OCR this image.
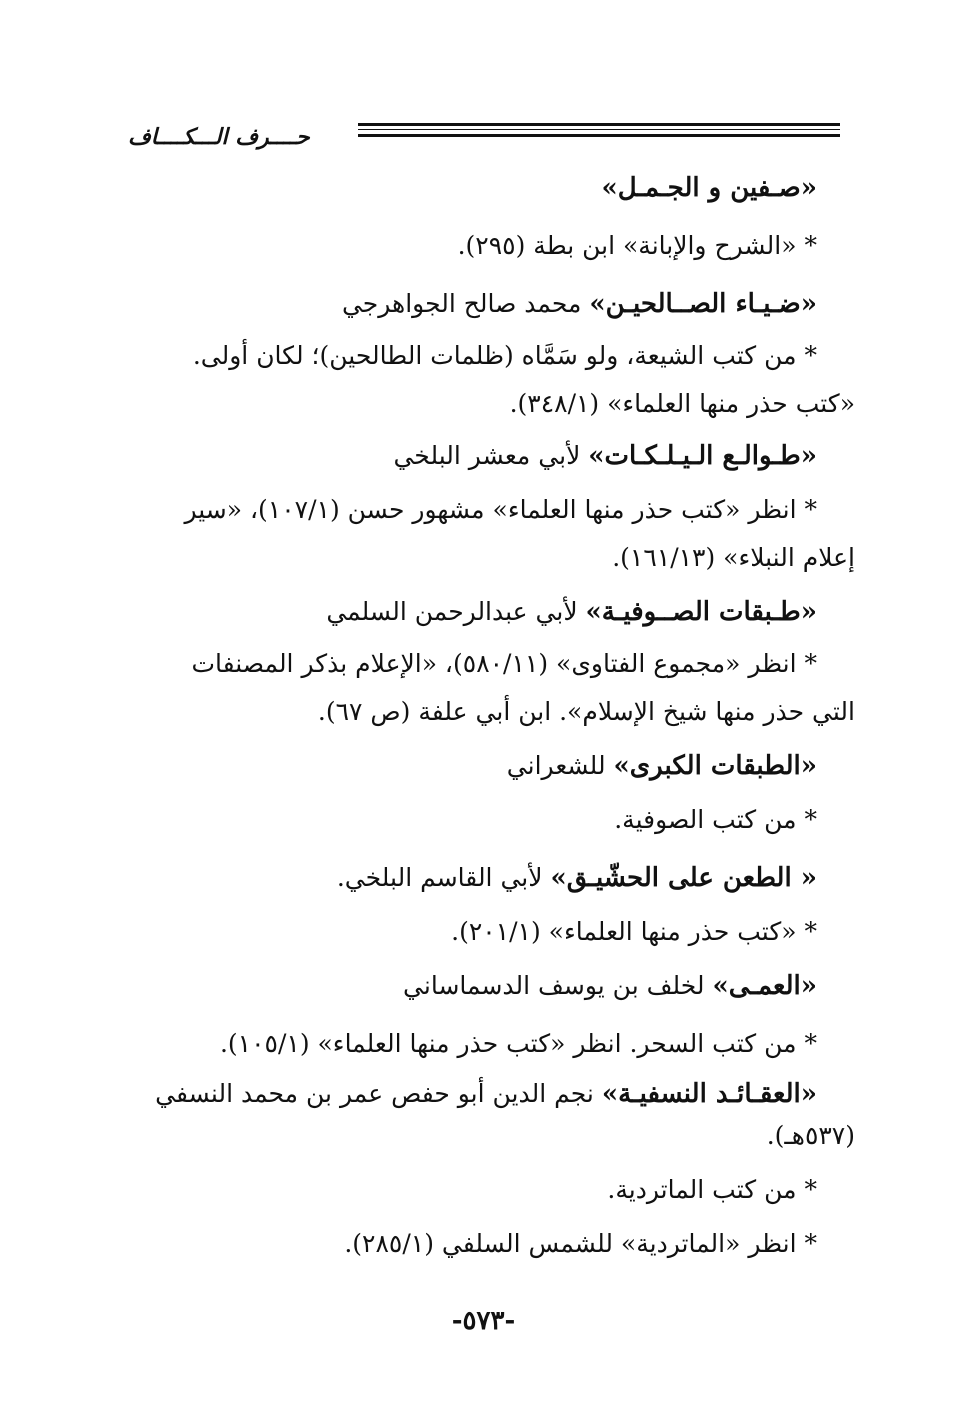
حــــرف الـــكــــاف
«صـفين و الجـمـل»
* «الشرح والإبانة» ابن بطة (٢٩٥).
«ضـيـاء الصــالحيـن» محمد صالح الجواهرجي
* من كتب الشيعة، ولو سَمَّاه (ظلمات الطالحين)؛ لكان أولى.
«كتب حذر منها العلماء» (٣٤٨/١).
«طـوالـع الـيـلـكـات» لأبي معشر البلخي
* انظر «كتب حذر منها العلماء» مشهور حسن (١٠٧/١)، «سير
إعلام النبلاء» (١٦١/١٣).
«طـبقات الصــوفيـة» لأبي عبدالرحمن السلمي
* انظر «مجموع الفتاوى» (٥٨٠/١١)، «الإعلام بذكر المصنفات
التي حذر منها شيخ الإسلام». ابن أبي علفة (ص ٦٧).
«الطبقات الكبرى» للشعراني
* من كتب الصوفية.
« الطعن على الحشّيـق» لأبي القاسم البلخي.
* «كتب حذر منها العلماء» (٢٠١/١).
«العمـى» لخلف بن يوسف الدسماساني
* من كتب السحر. انظر «كتب حذر منها العلماء» (١٠٥/١).
«العقـائـد النسفيـة» نجم الدين أبو حفص عمر بن محمد النسفي
(٥٣٧هـ).
* من كتب الماتردية.
* انظر «الماتردية» للشمس السلفي (٢٨٥/١).
-٥٧٣-
